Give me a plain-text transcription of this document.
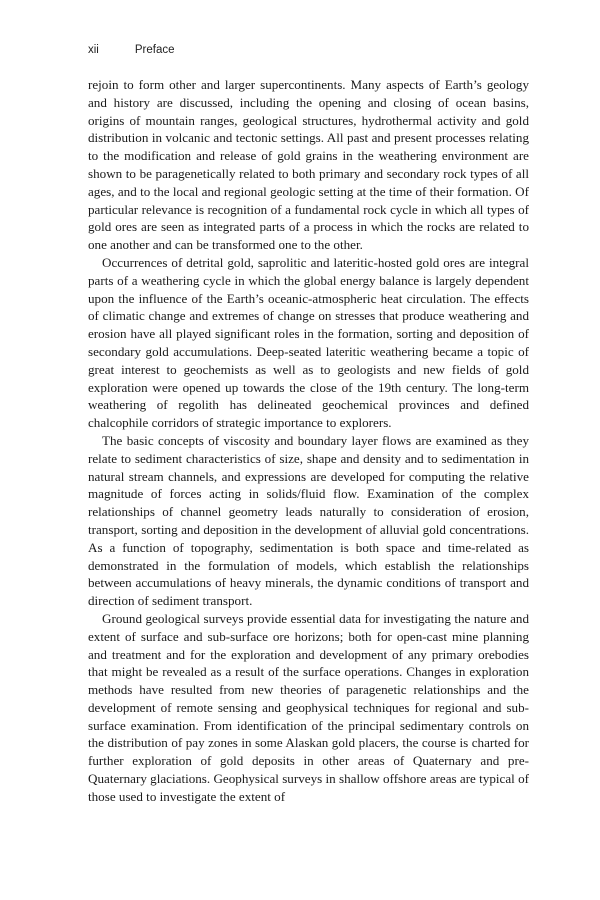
xii	Preface

rejoin to form other and larger supercontinents. Many aspects of Earth’s geology and history are discussed, including the opening and closing of ocean basins, origins of mountain ranges, geological structures, hydrothermal activity and gold distribution in volcanic and tectonic settings. All past and present processes relating to the modification and release of gold grains in the weathering environment are shown to be paragenetically related to both primary and secondary rock types of all ages, and to the local and regional geologic setting at the time of their formation. Of particular relevance is recognition of a fundamental rock cycle in which all types of gold ores are seen as integrated parts of a process in which the rocks are related to one another and can be transformed one to the other.

Occurrences of detrital gold, saprolitic and lateritic-hosted gold ores are integral parts of a weathering cycle in which the global energy balance is largely dependent upon the influence of the Earth’s oceanic-atmospheric heat circulation. The effects of climatic change and extremes of change on stresses that produce weathering and erosion have all played significant roles in the formation, sorting and deposition of secondary gold accumulations. Deep-seated lateritic weathering became a topic of great interest to geochemists as well as to geologists and new fields of gold exploration were opened up towards the close of the 19th century. The long-term weathering of regolith has delineated geochemical provinces and defined chalcophile corridors of strategic importance to explorers.

The basic concepts of viscosity and boundary layer flows are examined as they relate to sediment characteristics of size, shape and density and to sedimentation in natural stream channels, and expressions are developed for computing the relative magnitude of forces acting in solids/fluid flow. Examination of the complex relationships of channel geometry leads naturally to consideration of erosion, transport, sorting and deposition in the development of alluvial gold concentrations. As a function of topography, sedimentation is both space and time-related as demonstrated in the formulation of models, which establish the relationships between accumulations of heavy minerals, the dynamic conditions of transport and direction of sediment transport.

Ground geological surveys provide essential data for investigating the nature and extent of surface and sub-surface ore horizons; both for open-cast mine planning and treatment and for the exploration and development of any primary orebodies that might be revealed as a result of the surface operations. Changes in exploration methods have resulted from new theories of paragenetic relationships and the development of remote sensing and geophysical techniques for regional and sub-surface examination. From identification of the principal sedimentary controls on the distribution of pay zones in some Alaskan gold placers, the course is charted for further exploration of gold deposits in other areas of Quaternary and pre-Quaternary glaciations. Geophysical surveys in shallow offshore areas are typical of those used to investigate the extent of
